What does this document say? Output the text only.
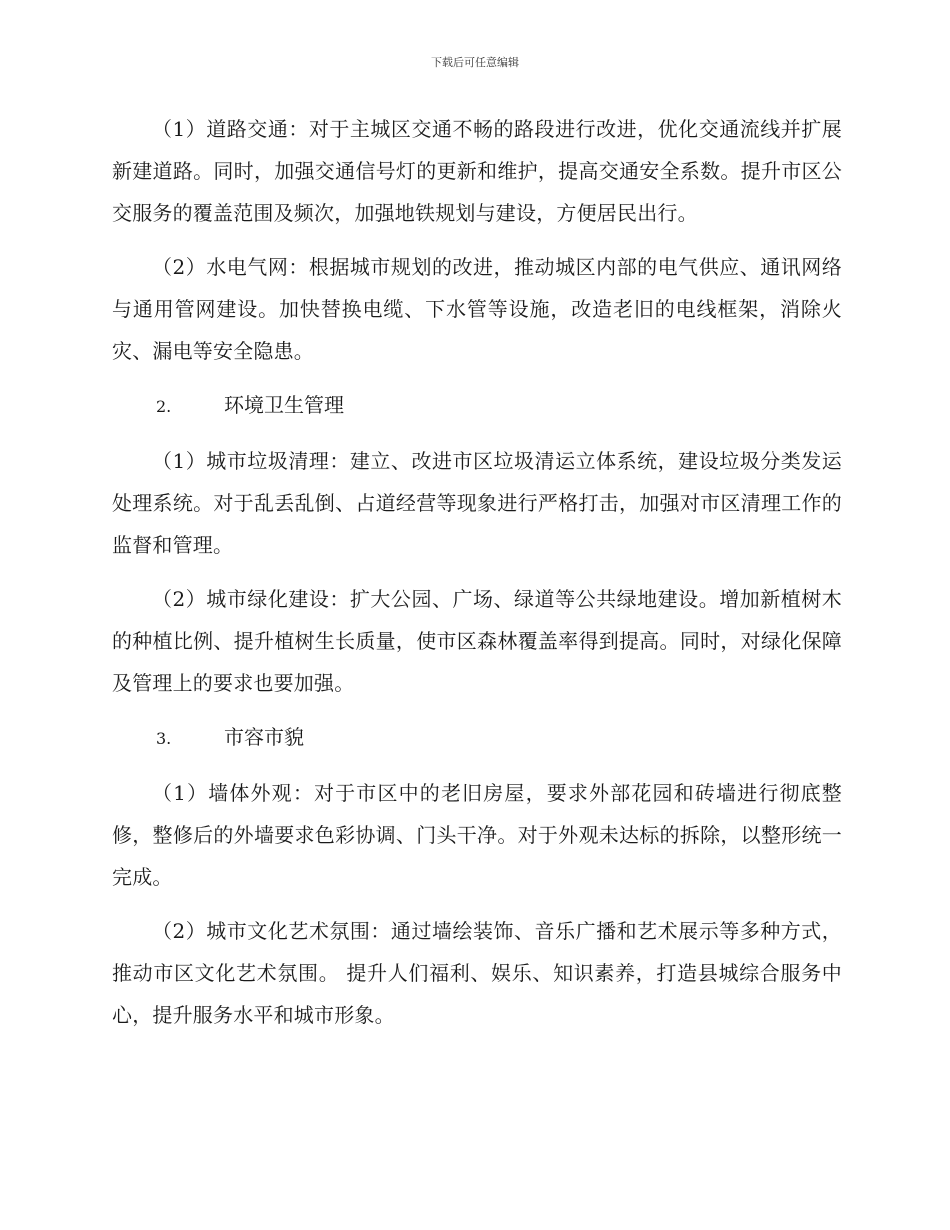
下载后可任意编辑

（1）道路交通：对于主城区交通不畅的路段进行改进，优化交通流线并扩展新建道路。同时，加强交通信号灯的更新和维护，提高交通安全系数。提升市区公交服务的覆盖范围及频次，加强地铁规划与建设，方便居民出行。

（2）水电气网：根据城市规划的改进，推动城区内部的电气供应、通讯网络与通用管网建设。加快替换电缆、下水管等设施，改造老旧的电线框架，消除火灾、漏电等安全隐患。

2.	环境卫生管理

（1）城市垃圾清理：建立、改进市区垃圾清运立体系统，建设垃圾分类发运处理系统。对于乱丢乱倒、占道经营等现象进行严格打击，加强对市区清理工作的监督和管理。

（2）城市绿化建设：扩大公园、广场、绿道等公共绿地建设。增加新植树木的种植比例、提升植树生长质量，使市区森林覆盖率得到提高。同时，对绿化保障及管理上的要求也要加强。

3.	市容市貌

（1）墙体外观：对于市区中的老旧房屋，要求外部花园和砖墙进行彻底整修，整修后的外墙要求色彩协调、门头干净。对于外观未达标的拆除，以整形统一完成。

（2）城市文化艺术氛围：通过墙绘装饰、音乐广播和艺术展示等多种方式，推动市区文化艺术氛围。 提升人们福利、娱乐、知识素养，打造县城综合服务中心，提升服务水平和城市形象。
